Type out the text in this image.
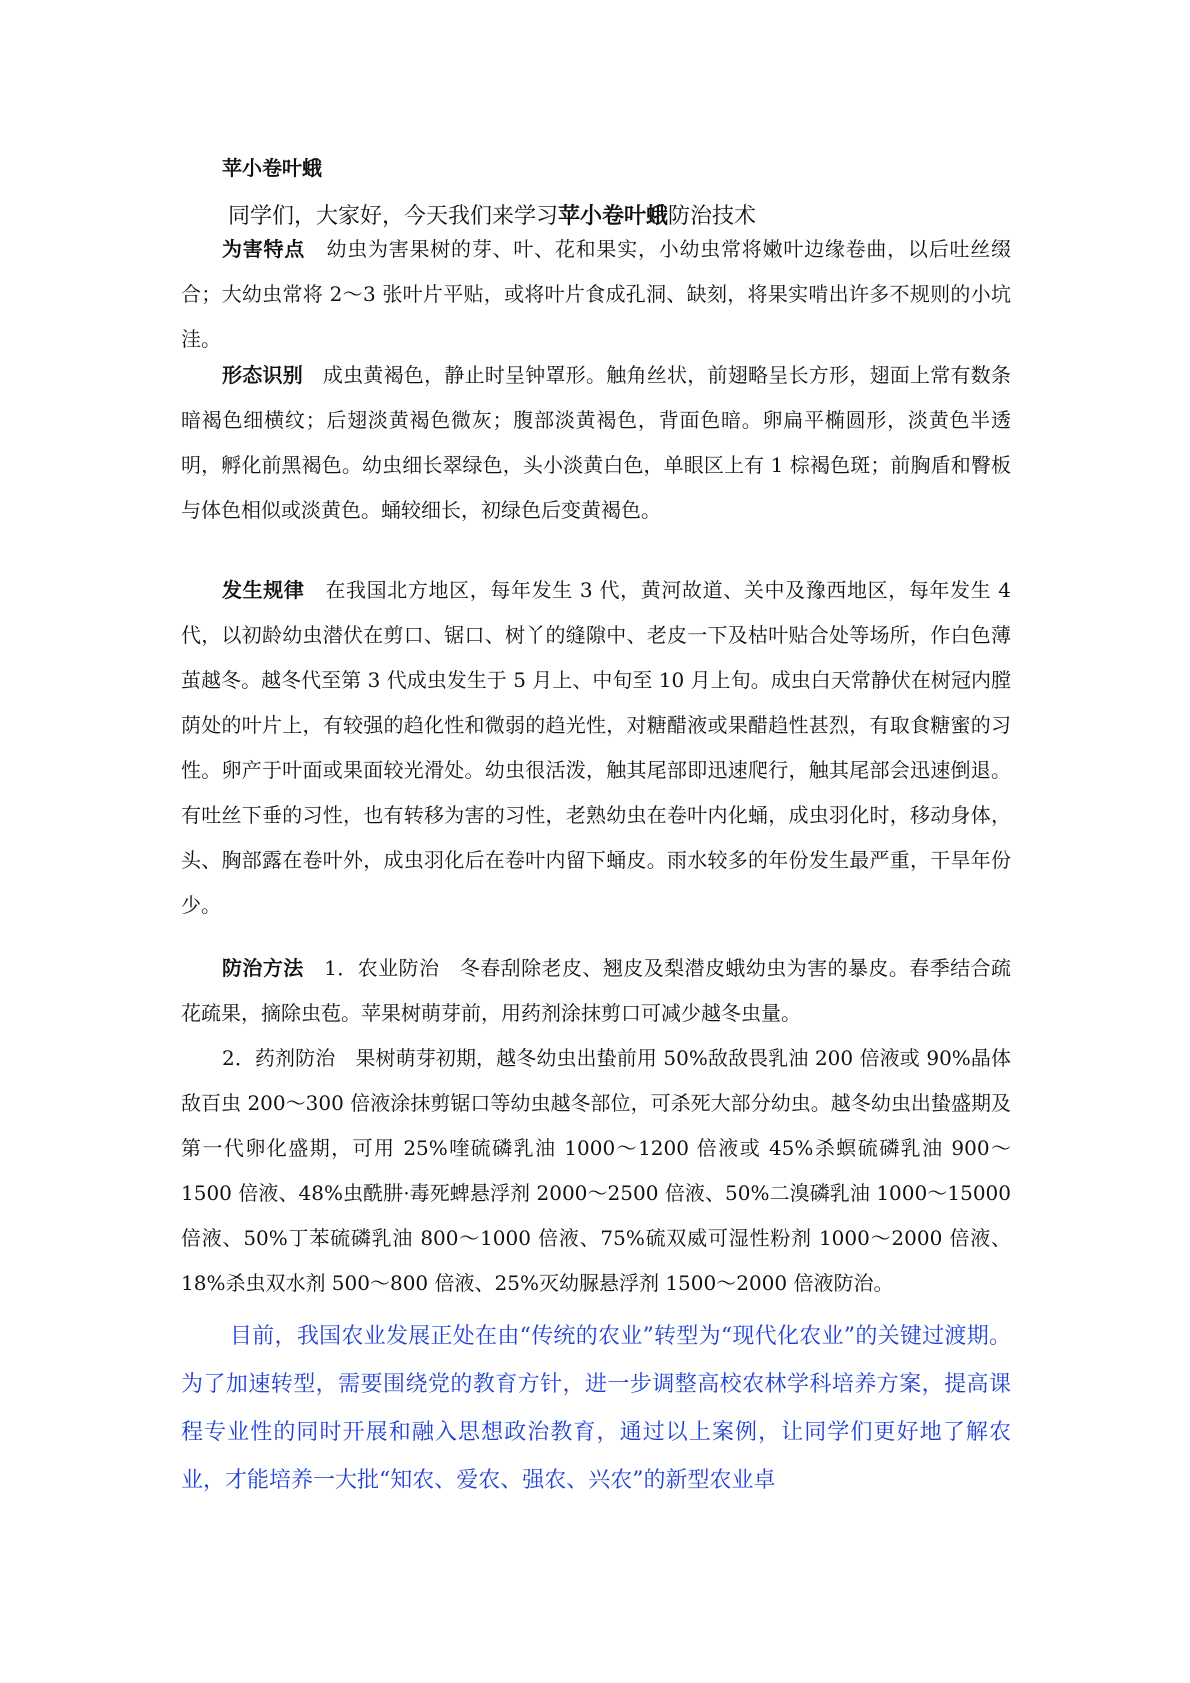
苹小卷叶蛾
同学们，大家好，今天我们来学习苹小卷叶蛾防治技术
为害特点 幼虫为害果树的芽、叶、花和果实，小幼虫常将嫩叶边缘卷曲，以后吐丝缀合；大幼虫常将 2～3 张叶片平贴，或将叶片食成孔洞、缺刻，将果实啃出许多不规则的小坑洼。
形态识别 成虫黄褐色，静止时呈钟罩形。触角丝状，前翅略呈长方形，翅面上常有数条暗褐色细横纹；后翅淡黄褐色微灰；腹部淡黄褐色，背面色暗。卵扁平椭圆形，淡黄色半透明，孵化前黑褐色。幼虫细长翠绿色，头小淡黄白色，单眼区上有 1 棕褐色斑；前胸盾和臀板与体色相似或淡黄色。蛹较细长，初绿色后变黄褐色。
发生规律 在我国北方地区，每年发生 3 代，黄河故道、关中及豫西地区，每年发生 4 代，以初龄幼虫潜伏在剪口、锯口、树丫的缝隙中、老皮一下及枯叶贴合处等场所，作白色薄茧越冬。越冬代至第 3 代成虫发生于 5 月上、中旬至 10 月上旬。成虫白天常静伏在树冠内膛荫处的叶片上，有较强的趋化性和微弱的趋光性，对糖醋液或果醋趋性甚烈，有取食糖蜜的习性。卵产于叶面或果面较光滑处。幼虫很活泼，触其尾部即迅速爬行，触其尾部会迅速倒退。有吐丝下垂的习性，也有转移为害的习性，老熟幼虫在卷叶内化蛹，成虫羽化时，移动身体，头、胸部露在卷叶外，成虫羽化后在卷叶内留下蛹皮。雨水较多的年份发生最严重，干旱年份少。
防治方法 1．农业防治　冬春刮除老皮、翘皮及梨潜皮蛾幼虫为害的暴皮。春季结合疏花疏果，摘除虫苞。苹果树萌芽前，用药剂涂抹剪口可减少越冬虫量。
2．药剂防治　果树萌芽初期，越冬幼虫出蛰前用 50%敌敌畏乳油 200 倍液或 90%晶体敌百虫 200～300 倍液涂抹剪锯口等幼虫越冬部位，可杀死大部分幼虫。越冬幼虫出蛰盛期及第一代卵化盛期，可用 25%喹硫磷乳油 1000～1200 倍液或 45%杀螟硫磷乳油 900～1500 倍液、48%虫酰肼·毒死蜱悬浮剂 2000～2500 倍液、50%二溴磷乳油 1000～15000 倍液、50%丁苯硫磷乳油 800～1000 倍液、75%硫双威可湿性粉剂 1000～2000 倍液、18%杀虫双水剂 500～800 倍液、25%灭幼脲悬浮剂 1500～2000 倍液防治。
目前，我国农业发展正处在由“传统的农业”转型为“现代化农业”的关键过渡期。为了加速转型，需要围绕党的教育方针，进一步调整高校农林学科培养方案，提高课程专业性的同时开展和融入思想政治教育，通过以上案例，让同学们更好地了解农业，才能培养一大批“知农、爱农、强农、兴农”的新型农业卓
